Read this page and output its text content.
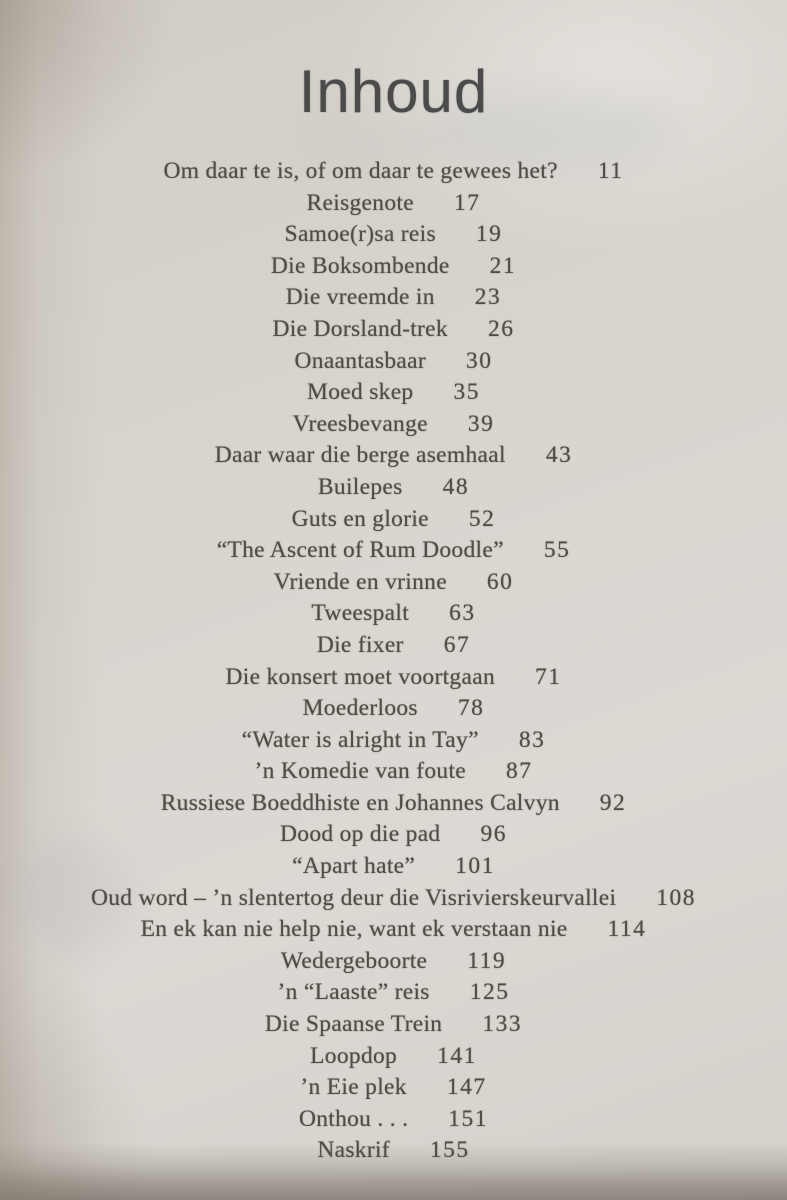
Inhoud
Om daar te is, of om daar te gewees het? 11
Reisgenote 17
Samoe(r)sa reis 19
Die Boksombende 21
Die vreemde in 23
Die Dorsland-trek 26
Onaantasbaar 30
Moed skep 35
Vreesbevange 39
Daar waar die berge asemhaal 43
Builepes 48
Guts en glorie 52
“The Ascent of Rum Doodle” 55
Vriende en vrinne 60
Tweespalt 63
Die fixer 67
Die konsert moet voortgaan 71
Moederloos 78
“Water is alright in Tay” 83
’n Komedie van foute 87
Russiese Boeddhiste en Johannes Calvyn 92
Dood op die pad 96
“Apart hate” 101
Oud word – ’n slentertog deur die Visrivierskeurvallei 108
En ek kan nie help nie, want ek verstaan nie 114
Wedergeboorte 119
’n “Laaste” reis 125
Die Spaanse Trein 133
Loopdop 141
’n Eie plek 147
Onthou . . . 151
Naskrif 155
